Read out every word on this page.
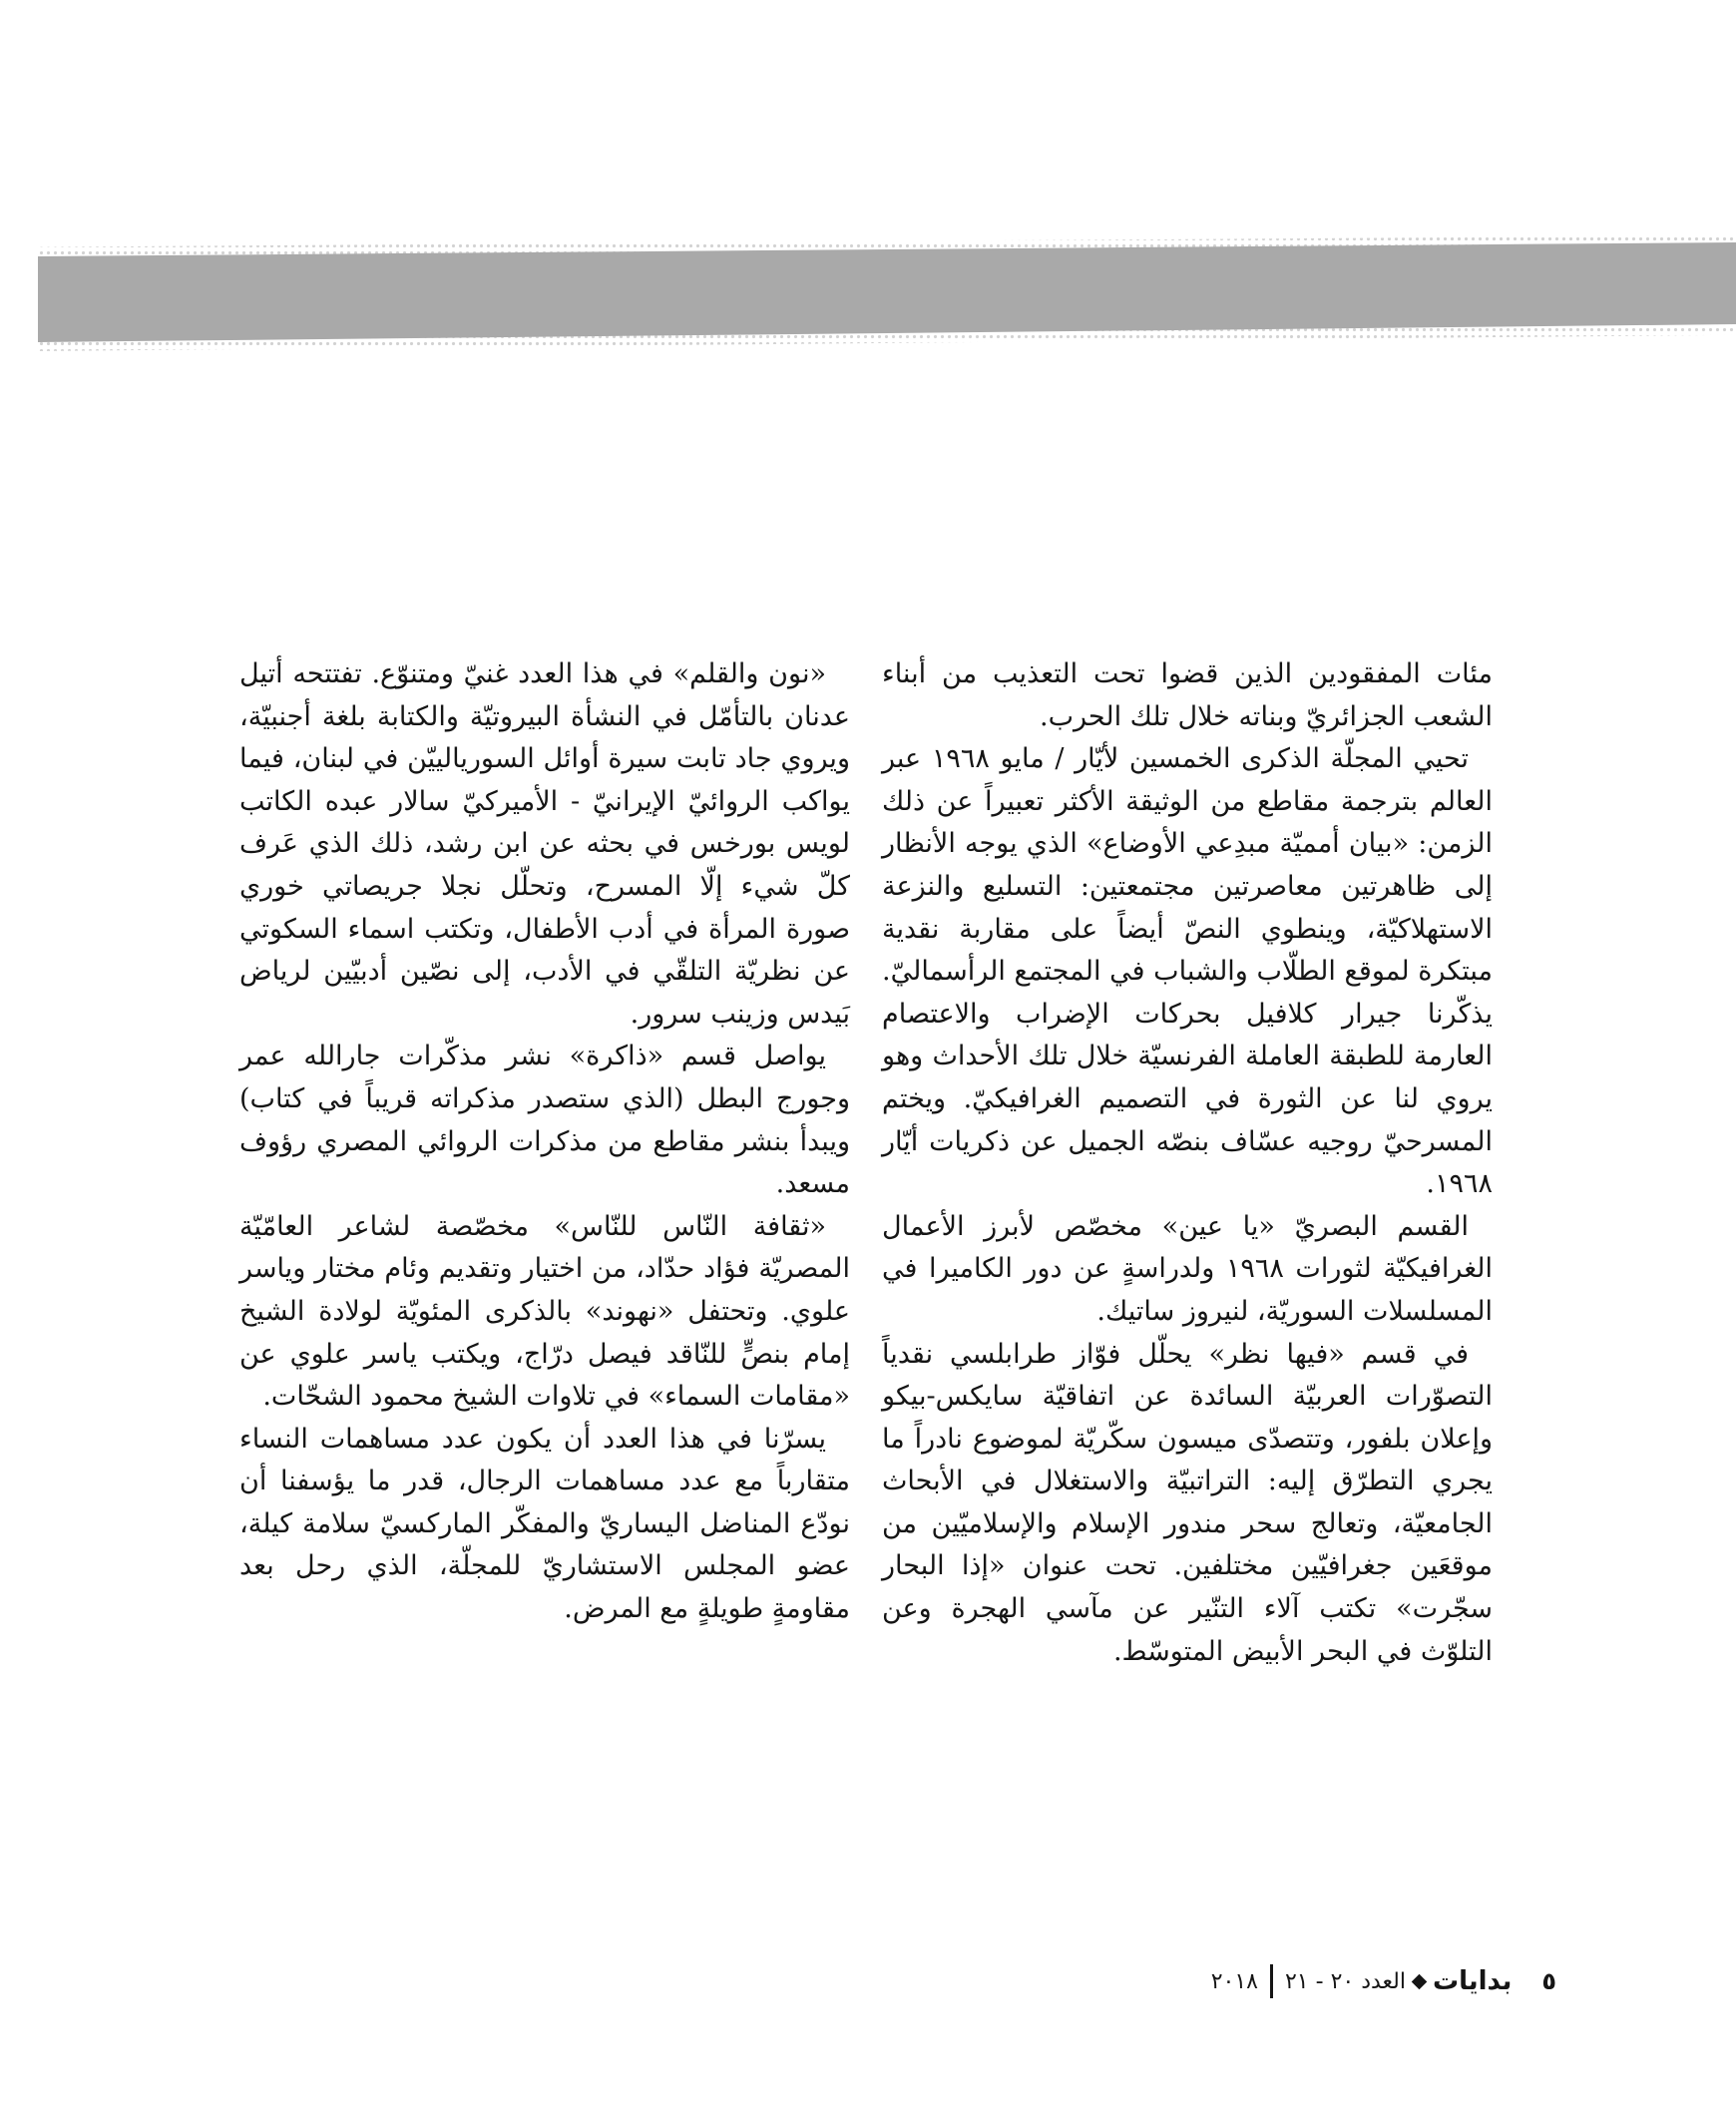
مئات المفقودين الذين قضوا تحت التعذيب من أبناء الشعب الجزائريّ وبناته خلال تلك الحرب.

تحيي المجلّة الذكرى الخمسين لأيّار / مايو ١٩٦٨ عبر العالم بترجمة مقاطع من الوثيقة الأكثر تعبيراً عن ذلك الزمن: «بيان أمميّة مبدِعي الأوضاع» الذي يوجه الأنظار إلى ظاهرتين معاصرتين مجتمعتين: التسليع والنزعة الاستهلاكيّة، وينطوي النصّ أيضاً على مقاربة نقدية مبتكرة لموقع الطلّاب والشباب في المجتمع الرأسماليّ. يذكّرنا جيرار كلافيل بحركات الإضراب والاعتصام العارمة للطبقة العاملة الفرنسيّة خلال تلك الأحداث وهو يروي لنا عن الثورة في التصميم الغرافيكيّ. ويختم المسرحيّ روجيه عسّاف بنصّه الجميل عن ذكريات أيّار ١٩٦٨.

القسم البصريّ «يا عين» مخصّص لأبرز الأعمال الغرافيكيّة لثورات ١٩٦٨ ولدراسةٍ عن دور الكاميرا في المسلسلات السوريّة، لنيروز ساتيك.

في قسم «فيها نظر» يحلّل فوّاز طرابلسي نقدياً التصوّرات العربيّة السائدة عن اتفاقيّة سايكس-بيكو وإعلان بلفور، وتتصدّى ميسون سكّريّة لموضوع نادراً ما يجري التطرّق إليه: التراتبيّة والاستغلال في الأبحاث الجامعيّة، وتعالج سحر مندور الإسلام والإسلاميّين من موقعَين جغرافيّين مختلفين. تحت عنوان «إذا البحار سجّرت» تكتب آلاء التنّير عن مآسي الهجرة وعن التلوّث في البحر الأبيض المتوسّط.

«نون والقلم» في هذا العدد غنيّ ومتنوّع. تفتتحه أتيل عدنان بالتأمّل في النشأة البيروتيّة والكتابة بلغة أجنبيّة، ويروي جاد تابت سيرة أوائل السوريالييّن في لبنان، فيما يواكب الروائيّ الإيرانيّ - الأميركيّ سالار عبده الكاتب لويس بورخس في بحثه عن ابن رشد، ذلك الذي عَرف كلّ شيء إلّا المسرح، وتحلّل نجلا جريصاتي خوري صورة المرأة في أدب الأطفال، وتكتب اسماء السكوتي عن نظريّة التلقّي في الأدب، إلى نصّين أدبيّين لرياض بَيدس وزينب سرور.

يواصل قسم «ذاكرة» نشر مذكّرات جارالله عمر وجورج البطل (الذي ستصدر مذكراته قريباً في كتاب) ويبدأ بنشر مقاطع من مذكرات الروائي المصري رؤوف مسعد.

«ثقافة النّاس للنّاس» مخصّصة لشاعر العامّيّة المصريّة فؤاد حدّاد، من اختيار وتقديم وئام مختار وياسر علوي. وتحتفل «نهوند» بالذكرى المئويّة لولادة الشيخ إمام بنصٍّ للنّاقد فيصل درّاج، ويكتب ياسر علوي عن «مقامات السماء» في تلاوات الشيخ محمود الشحّات.

يسرّنا في هذا العدد أن يكون عدد مساهمات النساء متقارباً مع عدد مساهمات الرجال، قدر ما يؤسفنا أن نودّع المناضل اليساريّ والمفكّر الماركسيّ سلامة كيلة، عضو المجلس الاستشاريّ للمجلّة، الذي رحل بعد مقاومةٍ طويلةٍ مع المرض.

٥
بدايات
العدد ٢٠ - ٢١
٢٠١٨
